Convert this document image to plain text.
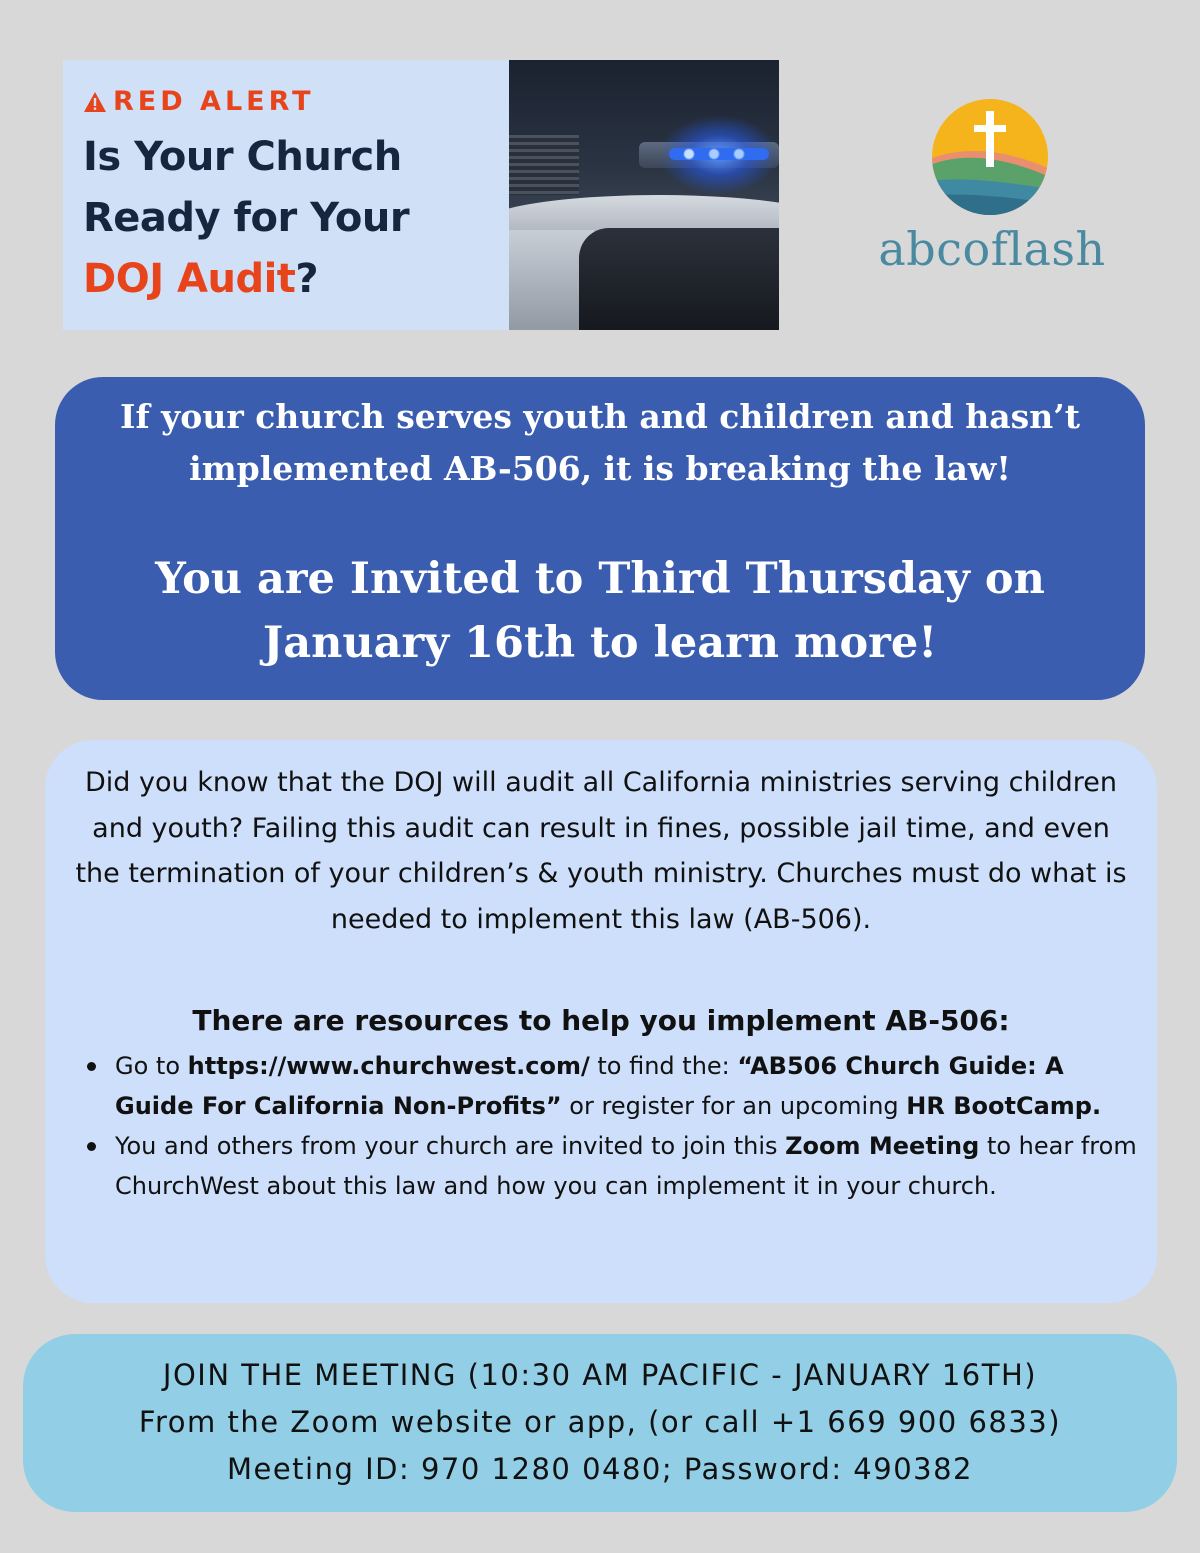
RED ALERT
Is Your Church
Ready for Your
DOJ Audit?
abcoflash
If your church serves youth and children and hasn’t implemented AB-506, it is breaking the law!
You are Invited to Third Thursday on January 16th to learn more!
Did you know that the DOJ will audit all California ministries serving children and youth? Failing this audit can result in fines, possible jail time, and even the termination of your children’s & youth ministry. Churches must do what is needed to implement this law (AB-506).
There are resources to help you implement AB-506:
Go to https://www.churchwest.com/ to find the: “AB506 Church Guide: A Guide For California Non-Profits” or register for an upcoming HR BootCamp.
You and others from your church are invited to join this Zoom Meeting to hear from ChurchWest about this law and how you can implement it in your church.
JOIN THE MEETING (10:30 AM PACIFIC - JANUARY 16TH)
From the Zoom website or app, (or call +1 669 900 6833)
Meeting ID: 970 1280 0480; Password: 490382
